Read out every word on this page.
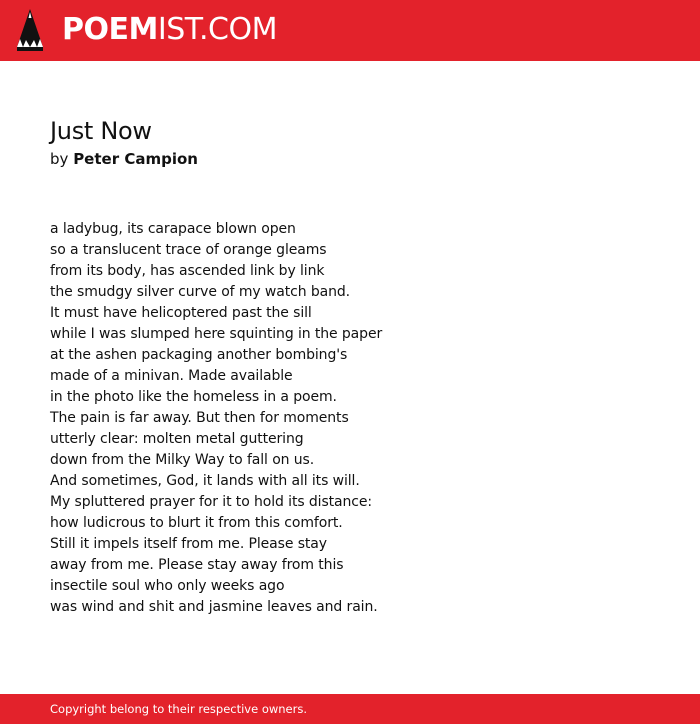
POEMIST.COM
Just Now
by Peter Campion
a ladybug, its carapace blown open
so a translucent trace of orange gleams
from its body, has ascended link by link
the smudgy silver curve of my watch band.
It must have helicoptered past the sill
while I was slumped here squinting in the paper
at the ashen packaging another bombing's
made of a minivan. Made available
in the photo like the homeless in a poem.
The pain is far away. But then for moments
utterly clear: molten metal guttering
down from the Milky Way to fall on us.
And sometimes, God, it lands with all its will.
My spluttered prayer for it to hold its distance:
how ludicrous to blurt it from this comfort.
Still it impels itself from me. Please stay
away from me. Please stay away from this
insectile soul who only weeks ago
was wind and shit and jasmine leaves and rain.
Copyright belong to their respective owners.
